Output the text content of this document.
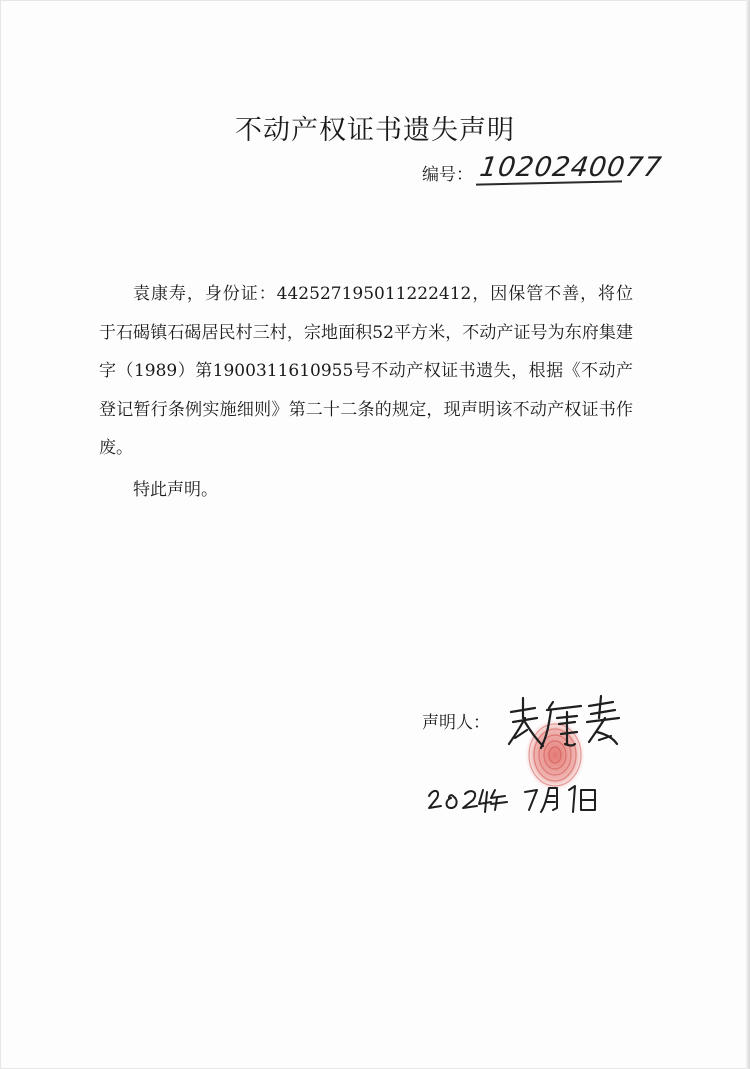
不动产权证书遗失声明
编号： 1020240077

袁康寿，身份证：442527195011222412，因保管不善，将位于石碣镇石碣居民村三村，宗地面积52平方米，不动产证号为东府集建字（1989）第1900311610955号不动产权证书遗失，根据《不动产登记暂行条例实施细则》第二十二条的规定，现声明该不动产权证书作废。

特此声明。
声明人：
